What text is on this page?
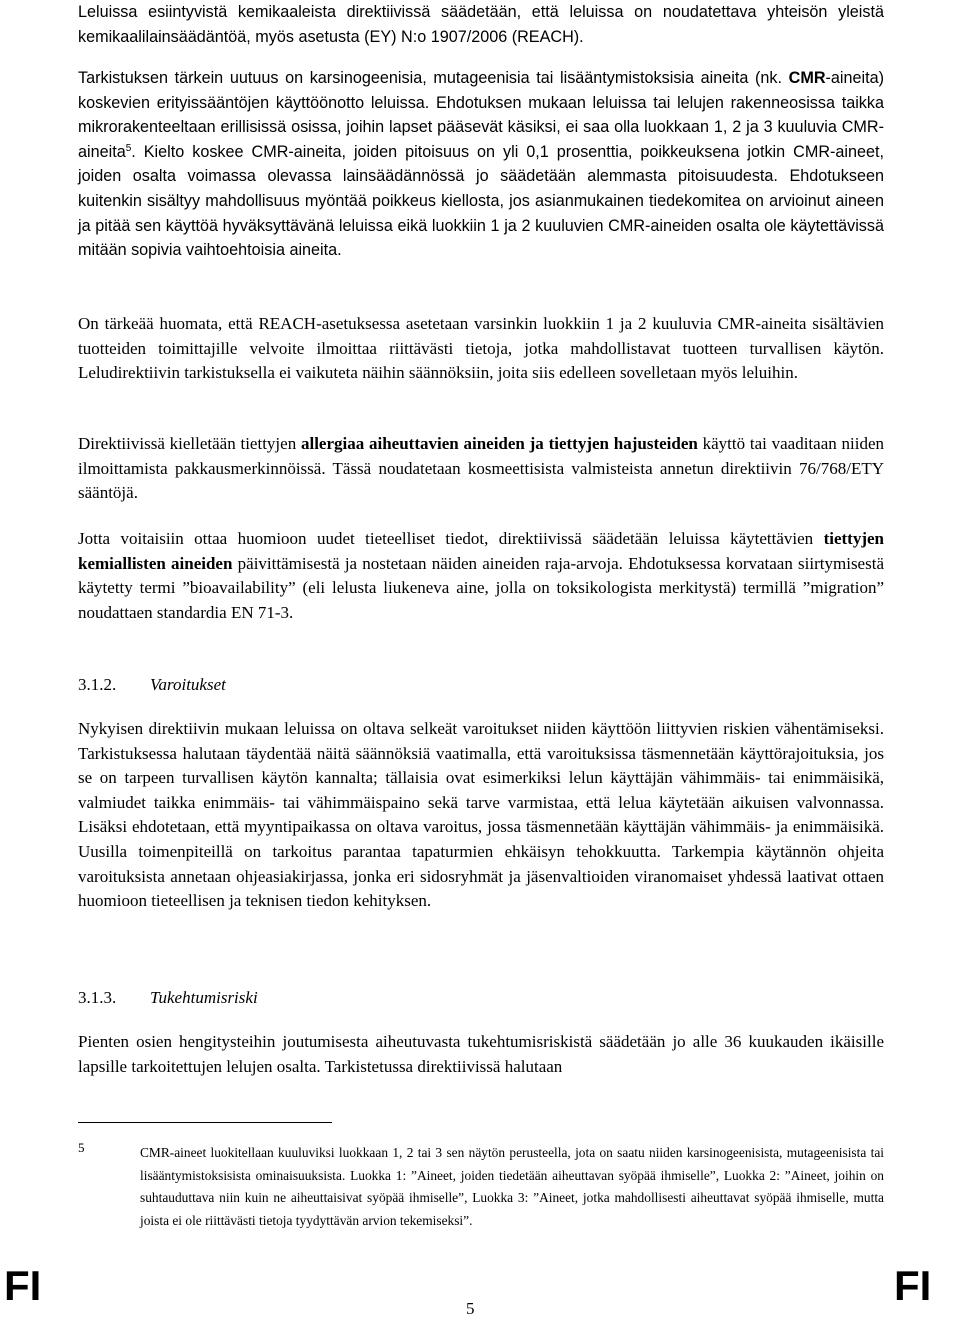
Leluissa esiintyvistä kemikaaleista direktiivissä säädetään, että leluissa on noudatettava yhteisön yleistä kemikaalilainsäädäntöä, myös asetusta (EY) N:o 1907/2006 (REACH).

Tarkistuksen tärkein uutuus on karsinogeenisia, mutageenisia tai lisääntymistoksisia aineita (nk. CMR-aineita) koskevien erityissääntöjen käyttöönotto leluissa. Ehdotuksen mukaan leluissa tai lelujen rakenneosissa taikka mikrorakenteeltaan erillisissä osissa, joihin lapset pääsevät käsiksi, ei saa olla luokkaan 1, 2 ja 3 kuuluvia CMR-aineita$^5$. Kielto koskee CMR-aineita, joiden pitoisuus on yli 0,1 prosenttia, poikkeuksena jotkin CMR-aineet, joiden osalta voimassa olevassa lainsäädännössä jo säädetään alemmasta pitoisuudesta. Ehdotukseen kuitenkin sisältyy mahdollisuus myöntää poikkeus kiellosta, jos asianmukainen tiedekomitea on arvioinut aineen ja pitää sen käyttöä hyväksyttävänä leluissa eikä luokkiin 1 ja 2 kuuluvien CMR-aineiden osalta ole käytettävissä mitään sopivia vaihtoehtoisia aineita.

On tärkeää huomata, että REACH-asetuksessa asetetaan varsinkin luokkiin 1 ja 2 kuuluvia CMR-aineita sisältävien tuotteiden toimittajille velvoite ilmoittaa riittävästi tietoja, jotka mahdollistavat tuotteen turvallisen käytön. Leludirektiivin tarkistuksella ei vaikuteta näihin säännöksiin, joita siis edelleen sovelletaan myös leluihin.

Direktiivissä kielletään tiettyjen allergiaa aiheuttavien aineiden ja tiettyjen hajusteiden käyttö tai vaaditaan niiden ilmoittamista pakkausmerkinnöissä. Tässä noudatetaan kosmeettisista valmisteista annetun direktiivin 76/768/ETY sääntöjä.

Jotta voitaisiin ottaa huomioon uudet tieteelliset tiedot, direktiivissä säädetään leluissa käytettävien tiettyjen kemiallisten aineiden päivittämisestä ja nostetaan näiden aineiden raja-arvoja. Ehdotuksessa korvataan siirtymisestä käytetty termi ”bioavailability” (eli lelusta liukeneva aine, jolla on toksikologista merkitystä) termillä ”migration” noudattaen standardia EN 71-3.

3.1.2. Varoitukset

Nykyisen direktiivin mukaan leluissa on oltava selkeät varoitukset niiden käyttöön liittyvien riskien vähentämiseksi. Tarkistuksessa halutaan täydentää näitä säännöksiä vaatimalla, että varoituksissa täsmennetään käyttörajoituksia, jos se on tarpeen turvallisen käytön kannalta; tällaisia ovat esimerkiksi lelun käyttäjän vähimmäis- tai enimmäisikä, valmiudet taikka enimmäis- tai vähimmäispaino sekä tarve varmistaa, että lelua käytetään aikuisen valvonnassa. Lisäksi ehdotetaan, että myyntipaikassa on oltava varoitus, jossa täsmennetään käyttäjän vähimmäis- ja enimmäisikä. Uusilla toimenpiteillä on tarkoitus parantaa tapaturmien ehkäisyn tehokkuutta. Tarkempia käytännön ohjeita varoituksista annetaan ohjeasiakirjassa, jonka eri sidosryhmät ja jäsenvaltioiden viranomaiset yhdessä laativat ottaen huomioon tieteellisen ja teknisen tiedon kehityksen.

3.1.3. Tukehtumisriski

Pienten osien hengitysteihin joutumisesta aiheutuvasta tukehtumisriskistä säädetään jo alle 36 kuukauden ikäisille lapsille tarkoitettujen lelujen osalta. Tarkistetussa direktiivissä halutaan

5	CMR-aineet luokitellaan kuuluviksi luokkaan 1, 2 tai 3 sen näytön perusteella, jota on saatu niiden karsinogeenisista, mutageenisista tai lisääntymistoksisista ominaisuuksista. Luokka 1: ”Aineet, joiden tiedetään aiheuttavan syöpää ihmiselle”, Luokka 2: ”Aineet, joihin on suhtauduttava niin kuin ne aiheuttaisivat syöpää ihmiselle”, Luokka 3: ”Aineet, jotka mahdollisesti aiheuttavat syöpää ihmiselle, mutta joista ei ole riittävästi tietoja tyydyttävän arvion tekemiseksi”.
FI	5	FI
